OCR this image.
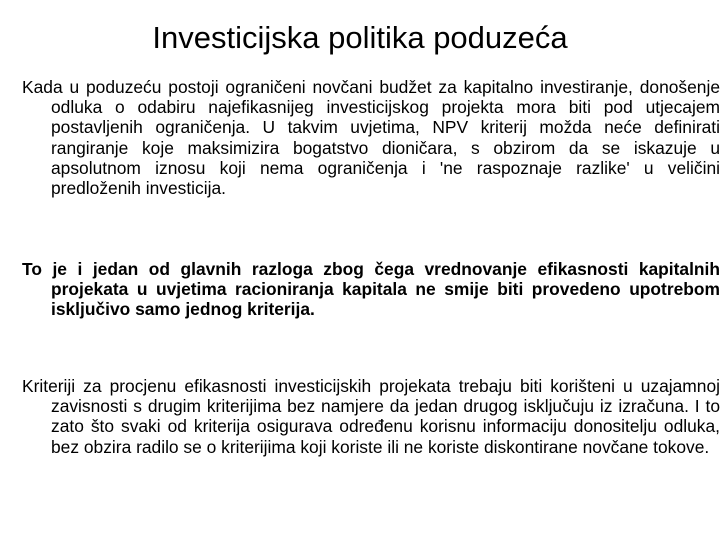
Investicijska politika poduzeća

Kada u poduzeću postoji ograničeni novčani budžet za kapitalno investiranje, donošenje odluka o odabiru najefikasnijeg investicijskog projekta mora biti pod utjecajem postavljenih ograničenja. U takvim uvjetima, NPV kriterij možda neće definirati rangiranje koje maksimizira bogatstvo dioničara, s obzirom da se iskazuje u apsolutnom iznosu koji nema ograničenja i 'ne raspoznaje razlike' u veličini predloženih investicija.

To je i jedan od glavnih razloga zbog čega vrednovanje efikasnosti kapitalnih projekata u uvjetima racioniranja kapitala ne smije biti provedeno upotrebom isključivo samo jednog kriterija.

Kriteriji za procjenu efikasnosti investicijskih projekata trebaju biti korišteni u uzajamnoj zavisnosti s drugim kriterijima bez namjere da jedan drugog isključuju iz izračuna. I to zato što svaki od kriterija osigurava određenu korisnu informaciju donositelju odluka, bez obzira radilo se o kriterijima koji koriste ili ne koriste diskontirane novčane tokove.
